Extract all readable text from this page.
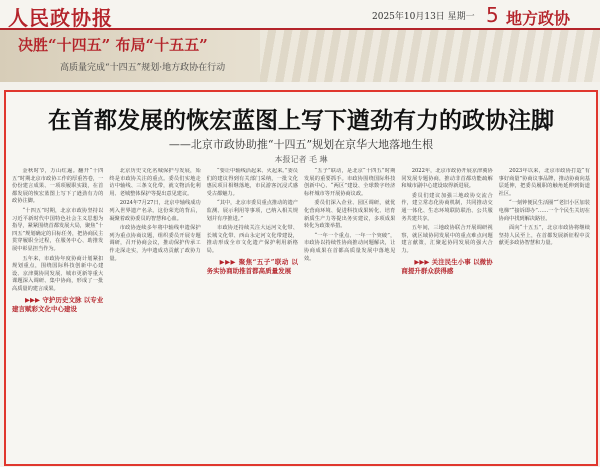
人民政协报	2025年10月13日 星期一 5 地方政协
决胜“十四五” 布局“十五五”
高质量完成“十四五”规划·地方政协在行动
在首都发展的恢宏蓝图上写下遒劲有力的政协注脚
——北京市政协助推“十四五”规划在京华大地落地生根
本报记者 毛 琳

金秋时节，万山红遍。翻开“十四五”时期北京市政协工作的厚重答卷，一份份建言成果、一项项履职实践，在首都发展的恢宏蓝图上写下了遒劲有力的政协注脚。

“十四五”时期，北京市政协坚持以习近平新时代中国特色社会主义思想为指导，紧紧围绕首都发展大局，聚焦“十四五”规划确定的目标任务，把协商民主贯穿履职全过程，在服务中心、助推发展中彰显担当作为。

五年来，市政协年度协商计划紧扣规划重点，围绕国际科技创新中心建设、京津冀协同发展、城市更新等重大课题深入调研、集中协商，形成了一批高质量的建言成果。

▶▶▶ 守护历史文脉 以专业建言赋彩文化中心建设

北京历史文化名城保护与发展，始终是市政协关注的重点。委员们实地走访中轴线、三条文化带，就文物活化利用、老城整体保护等提出意见建议。

2024年7月27日，北京中轴线成功列入世界遗产名录。这份荣光的背后，凝聚着政协委员的智慧和心血。

市政协连续多年将中轴线申遗保护列为重点协商议题，组织委员开展专题调研，召开协商会议，推动保护传承工作走深走实，为申遗成功贡献了政协力量。

“要让中轴线活起来、火起来。”委员们的建议得到有关部门采纳，一批文化惠民项目相继落地，市民游客沉浸式感受古都魅力。

“其中，北京市委员重点推动的遗产监测、展示利用等事项，已纳入相关规划并有序推进。”

市政协还持续关注大运河文化带、长城文化带、西山永定河文化带建设，推动形成全市文化遗产保护利用新格局。

▶▶▶ 聚焦“五子”联动 以务实协商助推首都高质量发展

“五子”联动，是北京“十四五”时期发展的重要抓手。市政协围绕国际科技创新中心、“两区”建设、全球数字经济标杆城市等开展协商议政。

委员们深入企业、园区调研，就优化营商环境、促进科技成果转化、培育新质生产力等提出务实建议，多项成果转化为政策举措。

“一年一个重点、一年一个突破”，市政协以持续性协商推动问题解决，让协商成果在首都高质量发展中落地见效。

2022年，北京市政协开展京津冀协同发展专题协商，推动非首都功能疏解和城市副中心建设取得新进展。

委员们建议加强三地政协交流合作，建立常态化协商机制，共同推动交通一体化、生态环境联防联治、公共服务共建共享。

五年间，三地政协联合开展调研视察，就区域协同发展中的重点难点问题建言献策，汇聚起协同发展的强大合力。

▶▶▶ 关注民生小事 以微协商提升群众获得感

2023年以来，北京市政协打造“有事好商量”协商议事品牌，推动协商向基层延伸，把委员履职的触角延伸到街道社区。

“一刻钟便民生活圈”“老旧小区加装电梯”“接诉即办”……一个个民生关切在协商中找到解决路径。

面向“十五五”，北京市政协将继续坚持人民至上，在首都发展新征程中贡献更多政协智慧和力量。
